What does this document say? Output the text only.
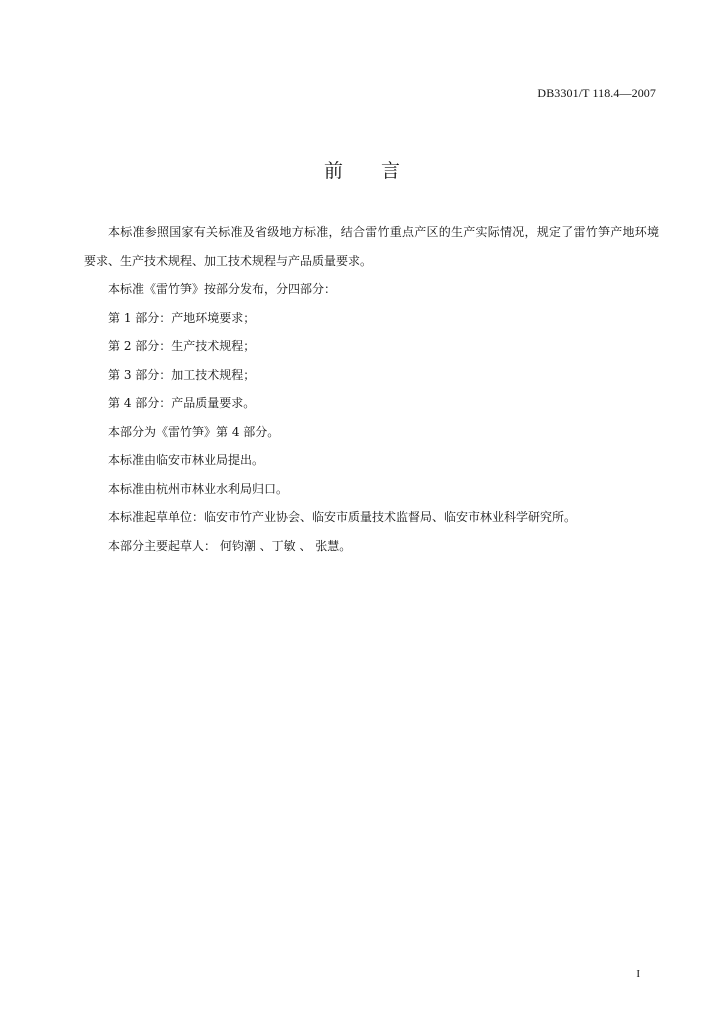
DB3301/T 118.4—2007
前言

本标准参照国家有关标准及省级地方标准，结合雷竹重点产区的生产实际情况，规定了雷竹笋产地环境要求、生产技术规程、加工技术规程与产品质量要求。

本标准《雷竹笋》按部分发布，分四部分：

第 1 部分：产地环境要求；

第 2 部分：生产技术规程；

第 3 部分：加工技术规程；

第 4 部分：产品质量要求。

本部分为《雷竹笋》第 4 部分。

本标准由临安市林业局提出。

本标准由杭州市林业水利局归口。

本标准起草单位：临安市竹产业协会、临安市质量技术监督局、临安市林业科学研究所。

本部分主要起草人： 何钧潮 、丁敏 、 张慧。

I
